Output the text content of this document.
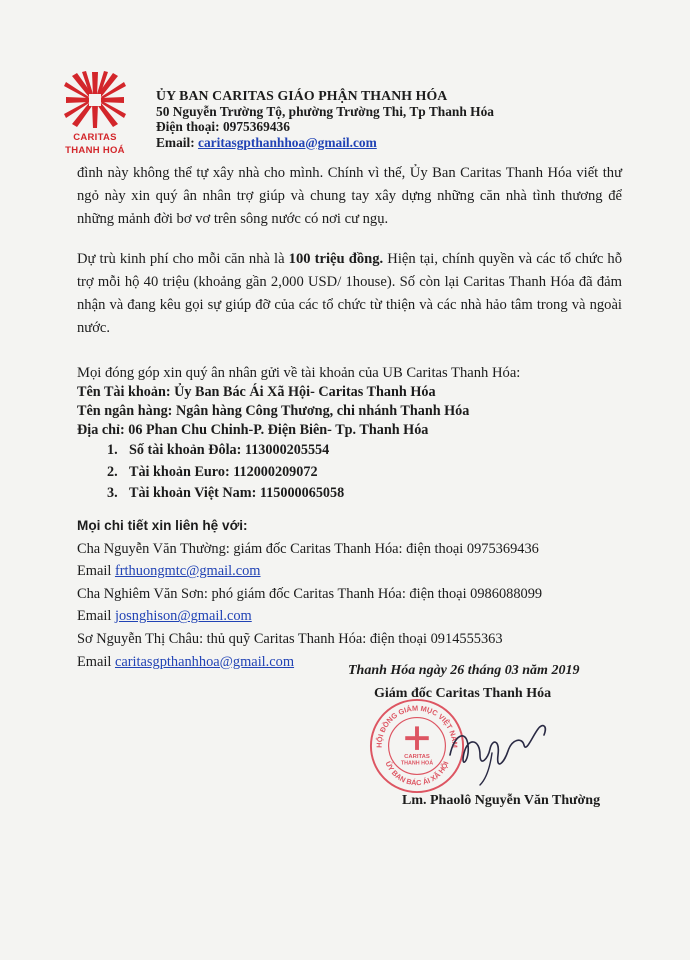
CARITAS
THANH HOÁ
ỦY BAN CARITAS GIÁO PHẬN THANH HÓA
50 Nguyễn Trường Tộ, phường Trường Thi, Tp Thanh Hóa
Điện thoại: 0975369436
Email: caritasgpthanhhoa@gmail.com

đình này không thể tự xây nhà cho mình. Chính vì thế, Ủy Ban Caritas Thanh Hóa viết thư ngỏ này xin quý ân nhân trợ giúp và chung tay xây dựng những căn nhà tình thương để những mảnh đời bơ vơ trên sông nước có nơi cư ngụ.

Dự trù kinh phí cho mỗi căn nhà là 100 triệu đồng. Hiện tại, chính quyền và các tổ chức hỗ trợ mỗi hộ 40 triệu (khoảng gần 2,000 USD/ 1house). Số còn lại Caritas Thanh Hóa đã đảm nhận và đang kêu gọi sự giúp đỡ của các tổ chức từ thiện và các nhà hảo tâm trong và ngoài nước.

Mọi đóng góp xin quý ân nhân gửi về tài khoản của UB Caritas Thanh Hóa:

Tên Tài khoản: Ủy Ban Bác Ái Xã Hội- Caritas Thanh Hóa
Tên ngân hàng: Ngân hàng Công Thương, chi nhánh Thanh Hóa
Địa chỉ: 06 Phan Chu Chinh-P. Điện Biên- Tp. Thanh Hóa
1. Số tài khoản Đôla: 113000205554
2. Tài khoản Euro: 112000209072
3. Tài khoản Việt Nam: 115000065058
Mọi chi tiết xin liên hệ với:
Cha Nguyễn Văn Thường: giám đốc Caritas Thanh Hóa: điện thoại 0975369436
Email frthuongmtc@gmail.com
Cha Nghiêm Văn Sơn: phó giám đốc Caritas Thanh Hóa: điện thoại 0986088099
Email josnghison@gmail.com
Sơ Nguyễn Thị Châu: thủ quỹ Caritas Thanh Hóa: điện thoại 0914555363
Email caritasgpthanhhoa@gmail.com
Thanh Hóa ngày 26 tháng 03 năm 2019
Giám đốc Caritas Thanh Hóa
HỘI ĐỒNG GIÁM MỤC VIỆT NAM
ỦY BAN BÁC ÁI XÃ HỘI
CARITAS
THANH HOÁ
Lm. Phaolô Nguyễn Văn Thường
